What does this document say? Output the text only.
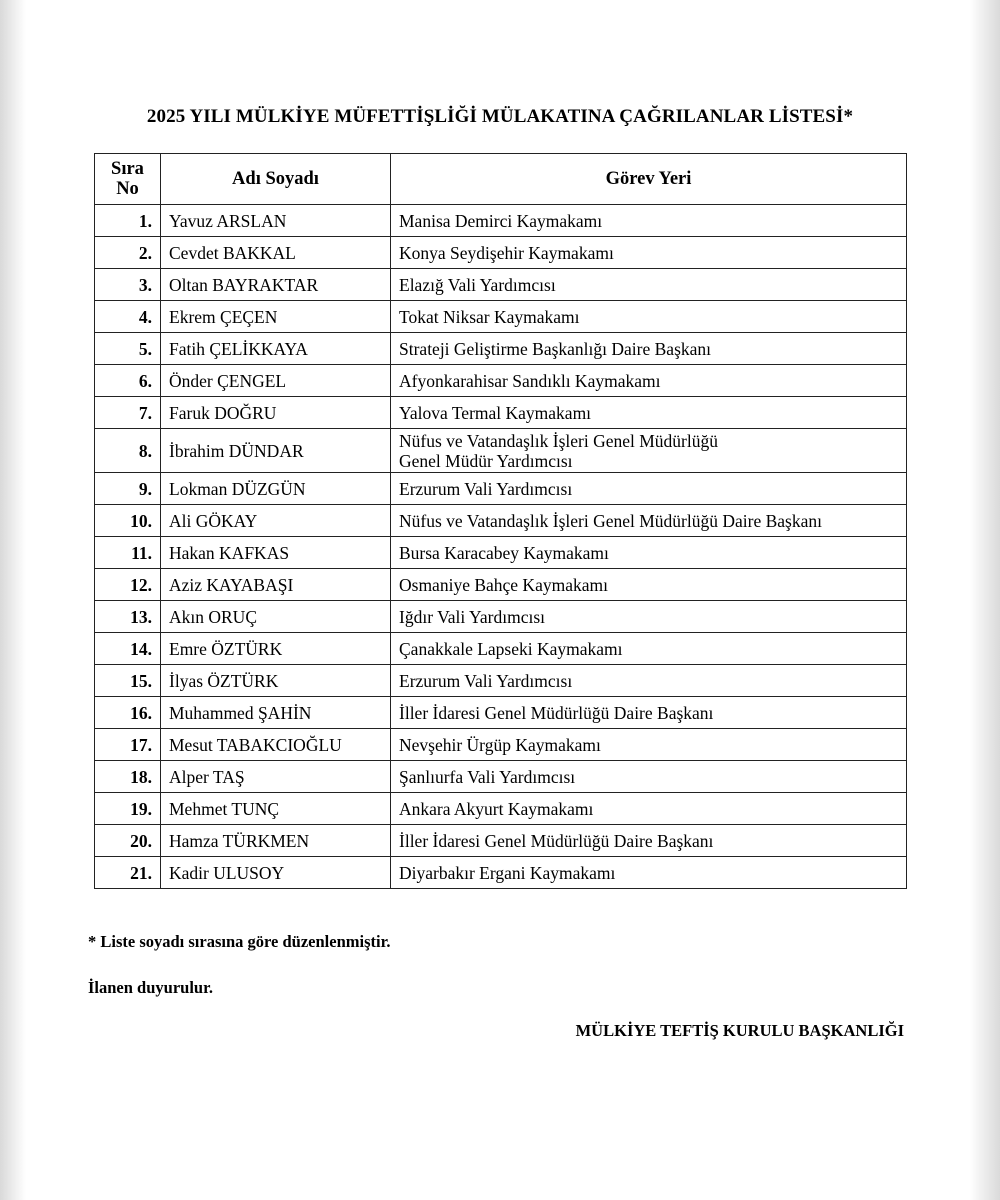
2025 YILI MÜLKİYE MÜFETTİŞLİĞİ MÜLAKATINA ÇAĞRILANLAR LİSTESİ*
Sıra
No	Adı Soyadı	Görev Yeri
1.	Yavuz ARSLAN	Manisa Demirci Kaymakamı
2.	Cevdet BAKKAL	Konya Seydişehir Kaymakamı
3.	Oltan BAYRAKTAR	Elazığ Vali Yardımcısı
4.	Ekrem ÇEÇEN	Tokat Niksar Kaymakamı
5.	Fatih ÇELİKKAYA	Strateji Geliştirme Başkanlığı Daire Başkanı
6.	Önder ÇENGEL	Afyonkarahisar Sandıklı Kaymakamı
7.	Faruk DOĞRU	Yalova Termal Kaymakamı
8.	İbrahim DÜNDAR	Nüfus ve Vatandaşlık İşleri Genel Müdürlüğü
Genel Müdür Yardımcısı
9.	Lokman DÜZGÜN	Erzurum Vali Yardımcısı
10.	Ali GÖKAY	Nüfus ve Vatandaşlık İşleri Genel Müdürlüğü Daire Başkanı
11.	Hakan KAFKAS	Bursa Karacabey Kaymakamı
12.	Aziz KAYABAŞI	Osmaniye Bahçe Kaymakamı
13.	Akın ORUÇ	Iğdır Vali Yardımcısı
14.	Emre ÖZTÜRK	Çanakkale Lapseki Kaymakamı
15.	İlyas ÖZTÜRK	Erzurum Vali Yardımcısı
16.	Muhammed ŞAHİN	İller İdaresi Genel Müdürlüğü Daire Başkanı
17.	Mesut TABAKCIOĞLU	Nevşehir Ürgüp Kaymakamı
18.	Alper TAŞ	Şanlıurfa Vali Yardımcısı
19.	Mehmet TUNÇ	Ankara Akyurt Kaymakamı
20.	Hamza TÜRKMEN	İller İdaresi Genel Müdürlüğü Daire Başkanı
21.	Kadir ULUSOY	Diyarbakır Ergani Kaymakamı
* Liste soyadı sırasına göre düzenlenmiştir.
İlanen duyurulur.
MÜLKİYE TEFTİŞ KURULU BAŞKANLIĞI
